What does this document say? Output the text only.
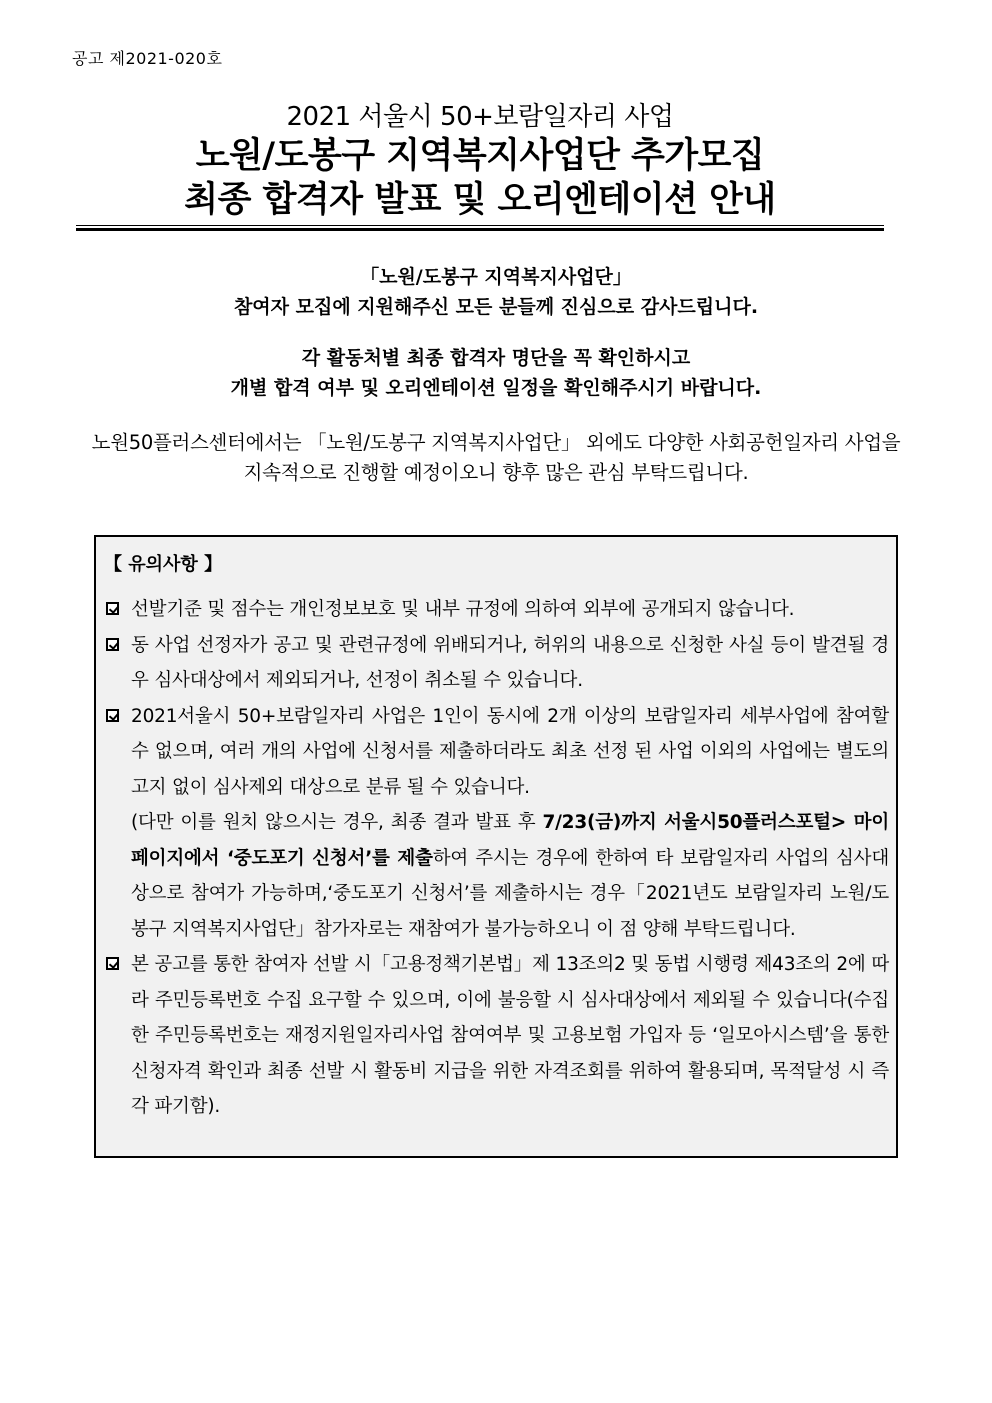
공고 제2021-020호
2021 서울시 50+보람일자리 사업
노원/도봉구 지역복지사업단 추가모집
최종 합격자 발표 및 오리엔테이션 안내

「노원/도봉구 지역복지사업단」

참여자 모집에 지원해주신 모든 분들께 진심으로 감사드립니다.

각 활동처별 최종 합격자 명단을 꼭 확인하시고

개별 합격 여부 및 오리엔테이션 일정을 확인해주시기 바랍니다.

노원50플러스센터에서는 「노원/도봉구 지역복지사업단」 외에도 다양한 사회공헌일자리 사업을

지속적으로 진행할 예정이오니 향후 많은 관심 부탁드립니다.

【 유의사항 】
선발기준 및 점수는 개인정보보호 및 내부 규정에 의하여 외부에 공개되지 않습니다.
동 사업 선정자가 공고 및 관련규정에 위배되거나, 허위의 내용으로 신청한 사실 등이 발견될 경우 심사대상에서 제외되거나, 선정이 취소될 수 있습니다.
2021서울시 50+보람일자리 사업은 1인이 동시에 2개 이상의 보람일자리 세부사업에 참여할 수 없으며, 여러 개의 사업에 신청서를 제출하더라도 최초 선정 된 사업 이외의 사업에는 별도의 고지 없이 심사제외 대상으로 분류 될 수 있습니다.
(다만 이를 원치 않으시는 경우, 최종 결과 발표 후 7/23(금)까지 서울시50플러스포털> 마이페이지에서 ‘중도포기 신청서’를 제출하여 주시는 경우에 한하여 타 보람일자리 사업의 심사대상으로 참여가 가능하며,‘중도포기 신청서’를 제출하시는 경우「2021년도 보람일자리 노원/도봉구 지역복지사업단」참가자로는 재참여가 불가능하오니 이 점 양해 부탁드립니다.
본 공고를 통한 참여자 선발 시「고용정책기본법」제 13조의2 및 동법 시행령 제43조의 2에 따라 주민등록번호 수집 요구할 수 있으며, 이에 불응할 시 심사대상에서 제외될 수 있습니다(수집한 주민등록번호는 재정지원일자리사업 참여여부 및 고용보험 가입자 등 ‘일모아시스템’을 통한 신청자격 확인과 최종 선발 시 활동비 지급을 위한 자격조회를 위하여 활용되며, 목적달성 시 즉각 파기함).
